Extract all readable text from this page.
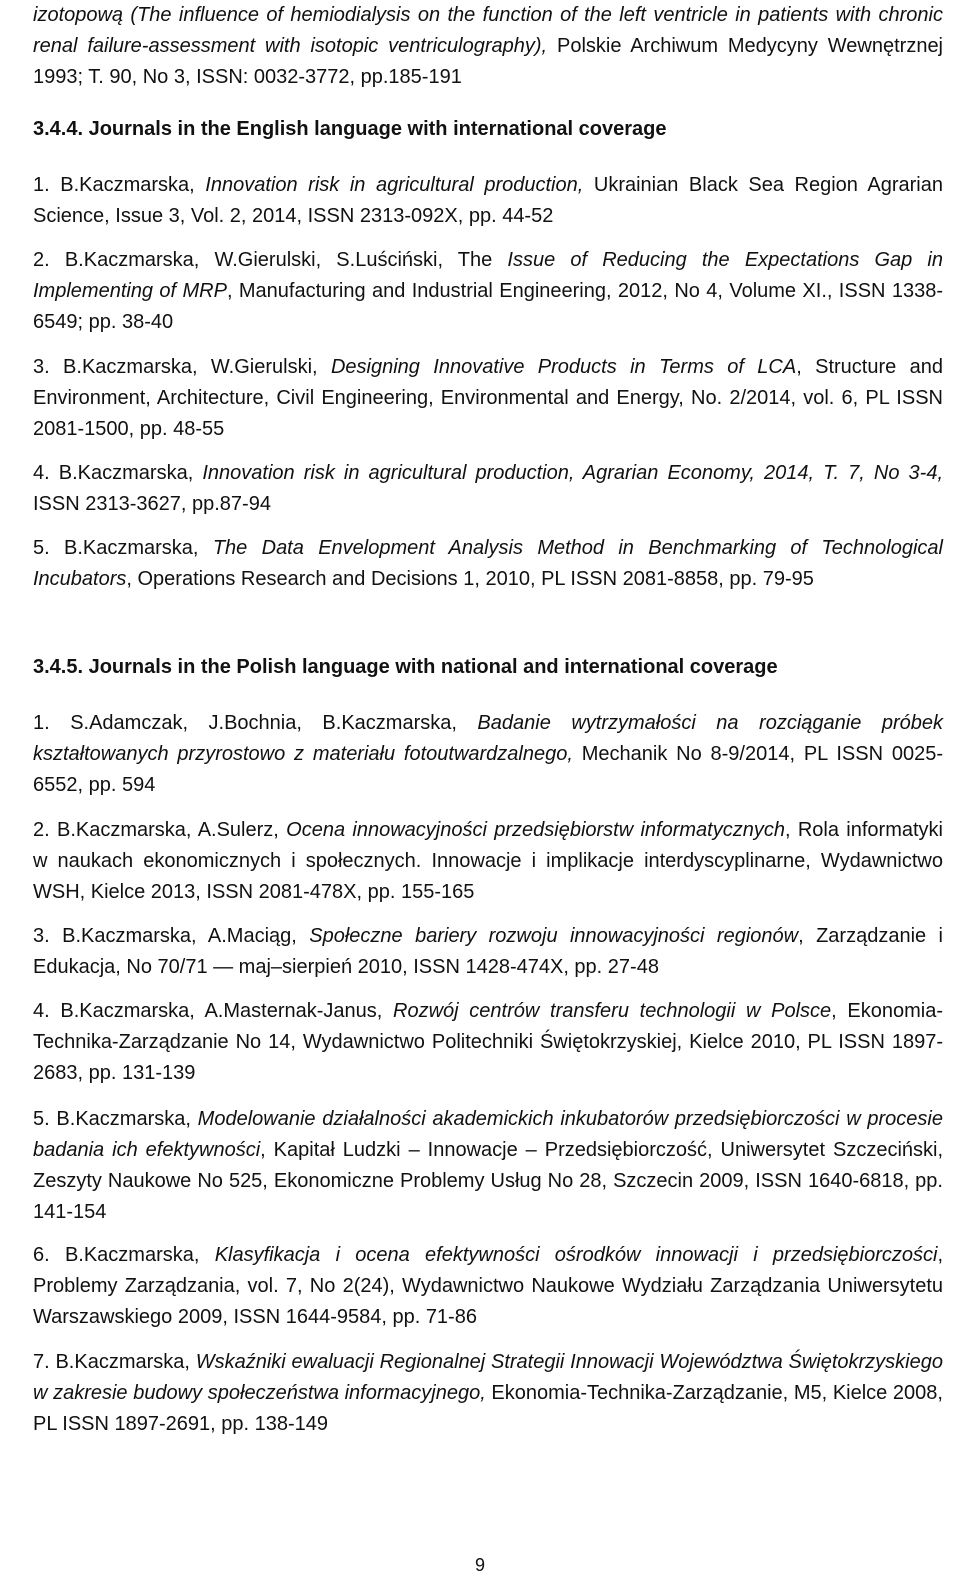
izotopową (The influence of hemiodialysis on the function of the left ventricle in patients with chronic renal failure-assessment with isotopic ventriculography), Polskie Archiwum Medycyny Wewnętrznej 1993; T. 90, No 3, ISSN: 0032-3772, pp.185-191

3.4.4. Journals in the English language with international coverage

1. B.Kaczmarska, Innovation risk in agricultural production, Ukrainian Black Sea Region Agrarian Science, Issue 3, Vol. 2, 2014, ISSN 2313-092X, pp. 44-52

2. B.Kaczmarska, W.Gierulski, S.Luściński, The Issue of Reducing the Expectations Gap in Implementing of MRP, Manufacturing and Industrial Engineering, 2012, No 4, Volume XI., ISSN 1338-6549; pp. 38-40

3. B.Kaczmarska, W.Gierulski, Designing Innovative Products in Terms of LCA, Structure and Environment, Architecture, Civil Engineering, Environmental and Energy, No. 2/2014, vol. 6, PL ISSN 2081-1500, pp. 48-55

4. B.Kaczmarska, Innovation risk in agricultural production, Agrarian Economy, 2014, T. 7, No 3-4, ISSN 2313-3627, pp.87-94

5. B.Kaczmarska, The Data Envelopment Analysis Method in Benchmarking of Technological Incubators, Operations Research and Decisions 1, 2010, PL ISSN 2081-8858, pp. 79-95

3.4.5. Journals in the Polish language with national and international coverage

1. S.Adamczak, J.Bochnia, B.Kaczmarska, Badanie wytrzymałości na rozciąganie próbek kształtowanych przyrostowo z materiału fotoutwardzalnego, Mechanik No 8-9/2014, PL ISSN 0025-6552, pp. 594

2. B.Kaczmarska, A.Sulerz, Ocena innowacyjności przedsiębiorstw informatycznych, Rola informatyki w naukach ekonomicznych i społecznych. Innowacje i implikacje interdyscyplinarne, Wydawnictwo WSH, Kielce 2013, ISSN 2081-478X, pp. 155-165

3. B.Kaczmarska, A.Maciąg, Społeczne bariery rozwoju innowacyjności regionów, Zarządzanie i Edukacja, No 70/71 — maj–sierpień 2010, ISSN 1428-474X, pp. 27-48

4. B.Kaczmarska, A.Masternak-Janus, Rozwój centrów transferu technologii w Polsce, Ekonomia-Technika-Zarządzanie No 14, Wydawnictwo Politechniki Świętokrzyskiej, Kielce 2010, PL ISSN 1897-2683, pp. 131-139

5. B.Kaczmarska, Modelowanie działalności akademickich inkubatorów przedsiębiorczości w procesie badania ich efektywności, Kapitał Ludzki – Innowacje – Przedsiębiorczość, Uniwersytet Szczeciński, Zeszyty Naukowe No 525, Ekonomiczne Problemy Usług No 28, Szczecin 2009, ISSN 1640-6818, pp. 141-154

6. B.Kaczmarska, Klasyfikacja i ocena efektywności ośrodków innowacji i przedsiębiorczości, Problemy Zarządzania, vol. 7, No 2(24), Wydawnictwo Naukowe Wydziału Zarządzania Uniwersytetu Warszawskiego 2009, ISSN 1644-9584, pp. 71-86

7. B.Kaczmarska, Wskaźniki ewaluacji Regionalnej Strategii Innowacji Województwa Świętokrzyskiego w zakresie budowy społeczeństwa informacyjnego, Ekonomia-Technika-Zarządzanie, M5, Kielce 2008, PL ISSN 1897-2691, pp. 138-149

9
